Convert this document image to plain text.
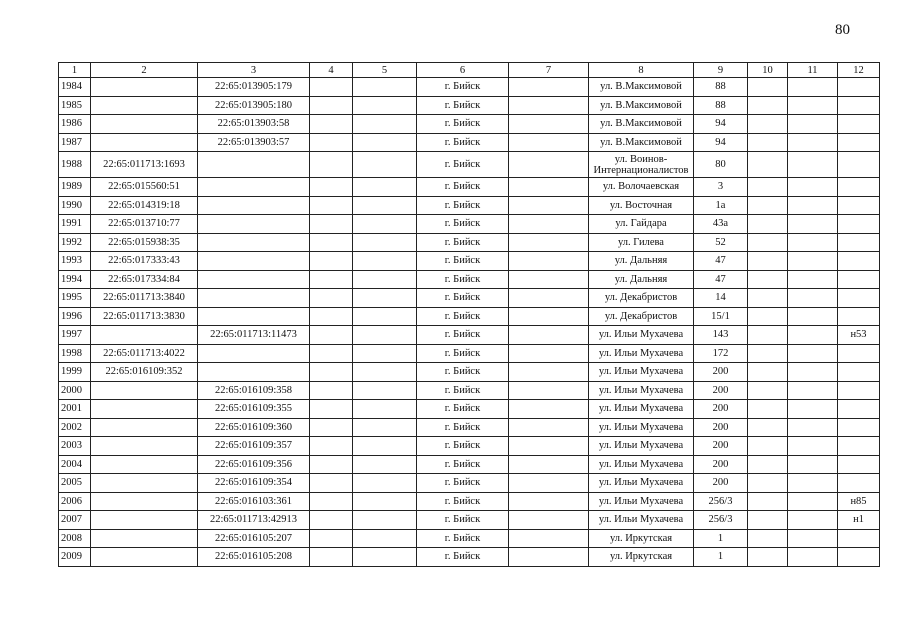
80
1	2	3	4	5	6	7	8	9	10	11	12
1984		22:65:013905:179			г. Бийск		ул. В.Максимовой	88			
1985		22:65:013905:180			г. Бийск		ул. В.Максимовой	88			
1986		22:65:013903:58			г. Бийск		ул. В.Максимовой	94			
1987		22:65:013903:57			г. Бийск		ул. В.Максимовой	94			
1988	22:65:011713:1693				г. Бийск		ул. Воинов-Интернационалистов	80			
1989	22:65:015560:51				г. Бийск		ул. Волочаевская	3			
1990	22:65:014319:18				г. Бийск		ул. Восточная	1а			
1991	22:65:013710:77				г. Бийск		ул. Гайдара	43а			
1992	22:65:015938:35				г. Бийск		ул. Гилева	52			
1993	22:65:017333:43				г. Бийск		ул. Дальняя	47			
1994	22:65:017334:84				г. Бийск		ул. Дальняя	47			
1995	22:65:011713:3840				г. Бийск		ул. Декабристов	14			
1996	22:65:011713:3830				г. Бийск		ул. Декабристов	15/1			
1997		22:65:011713:11473			г. Бийск		ул. Ильи Мухачева	143			н53
1998	22:65:011713:4022				г. Бийск		ул. Ильи Мухачева	172			
1999	22:65:016109:352				г. Бийск		ул. Ильи Мухачева	200			
2000		22:65:016109:358			г. Бийск		ул. Ильи Мухачева	200			
2001		22:65:016109:355			г. Бийск		ул. Ильи Мухачева	200			
2002		22:65:016109:360			г. Бийск		ул. Ильи Мухачева	200			
2003		22:65:016109:357			г. Бийск		ул. Ильи Мухачева	200			
2004		22:65:016109:356			г. Бийск		ул. Ильи Мухачева	200			
2005		22:65:016109:354			г. Бийск		ул. Ильи Мухачева	200			
2006		22:65:016103:361			г. Бийск		ул. Ильи Мухачева	256/3			н85
2007		22:65:011713:42913			г. Бийск		ул. Ильи Мухачева	256/3			н1
2008		22:65:016105:207			г. Бийск		ул. Иркутская	1			
2009		22:65:016105:208			г. Бийск		ул. Иркутская	1			
